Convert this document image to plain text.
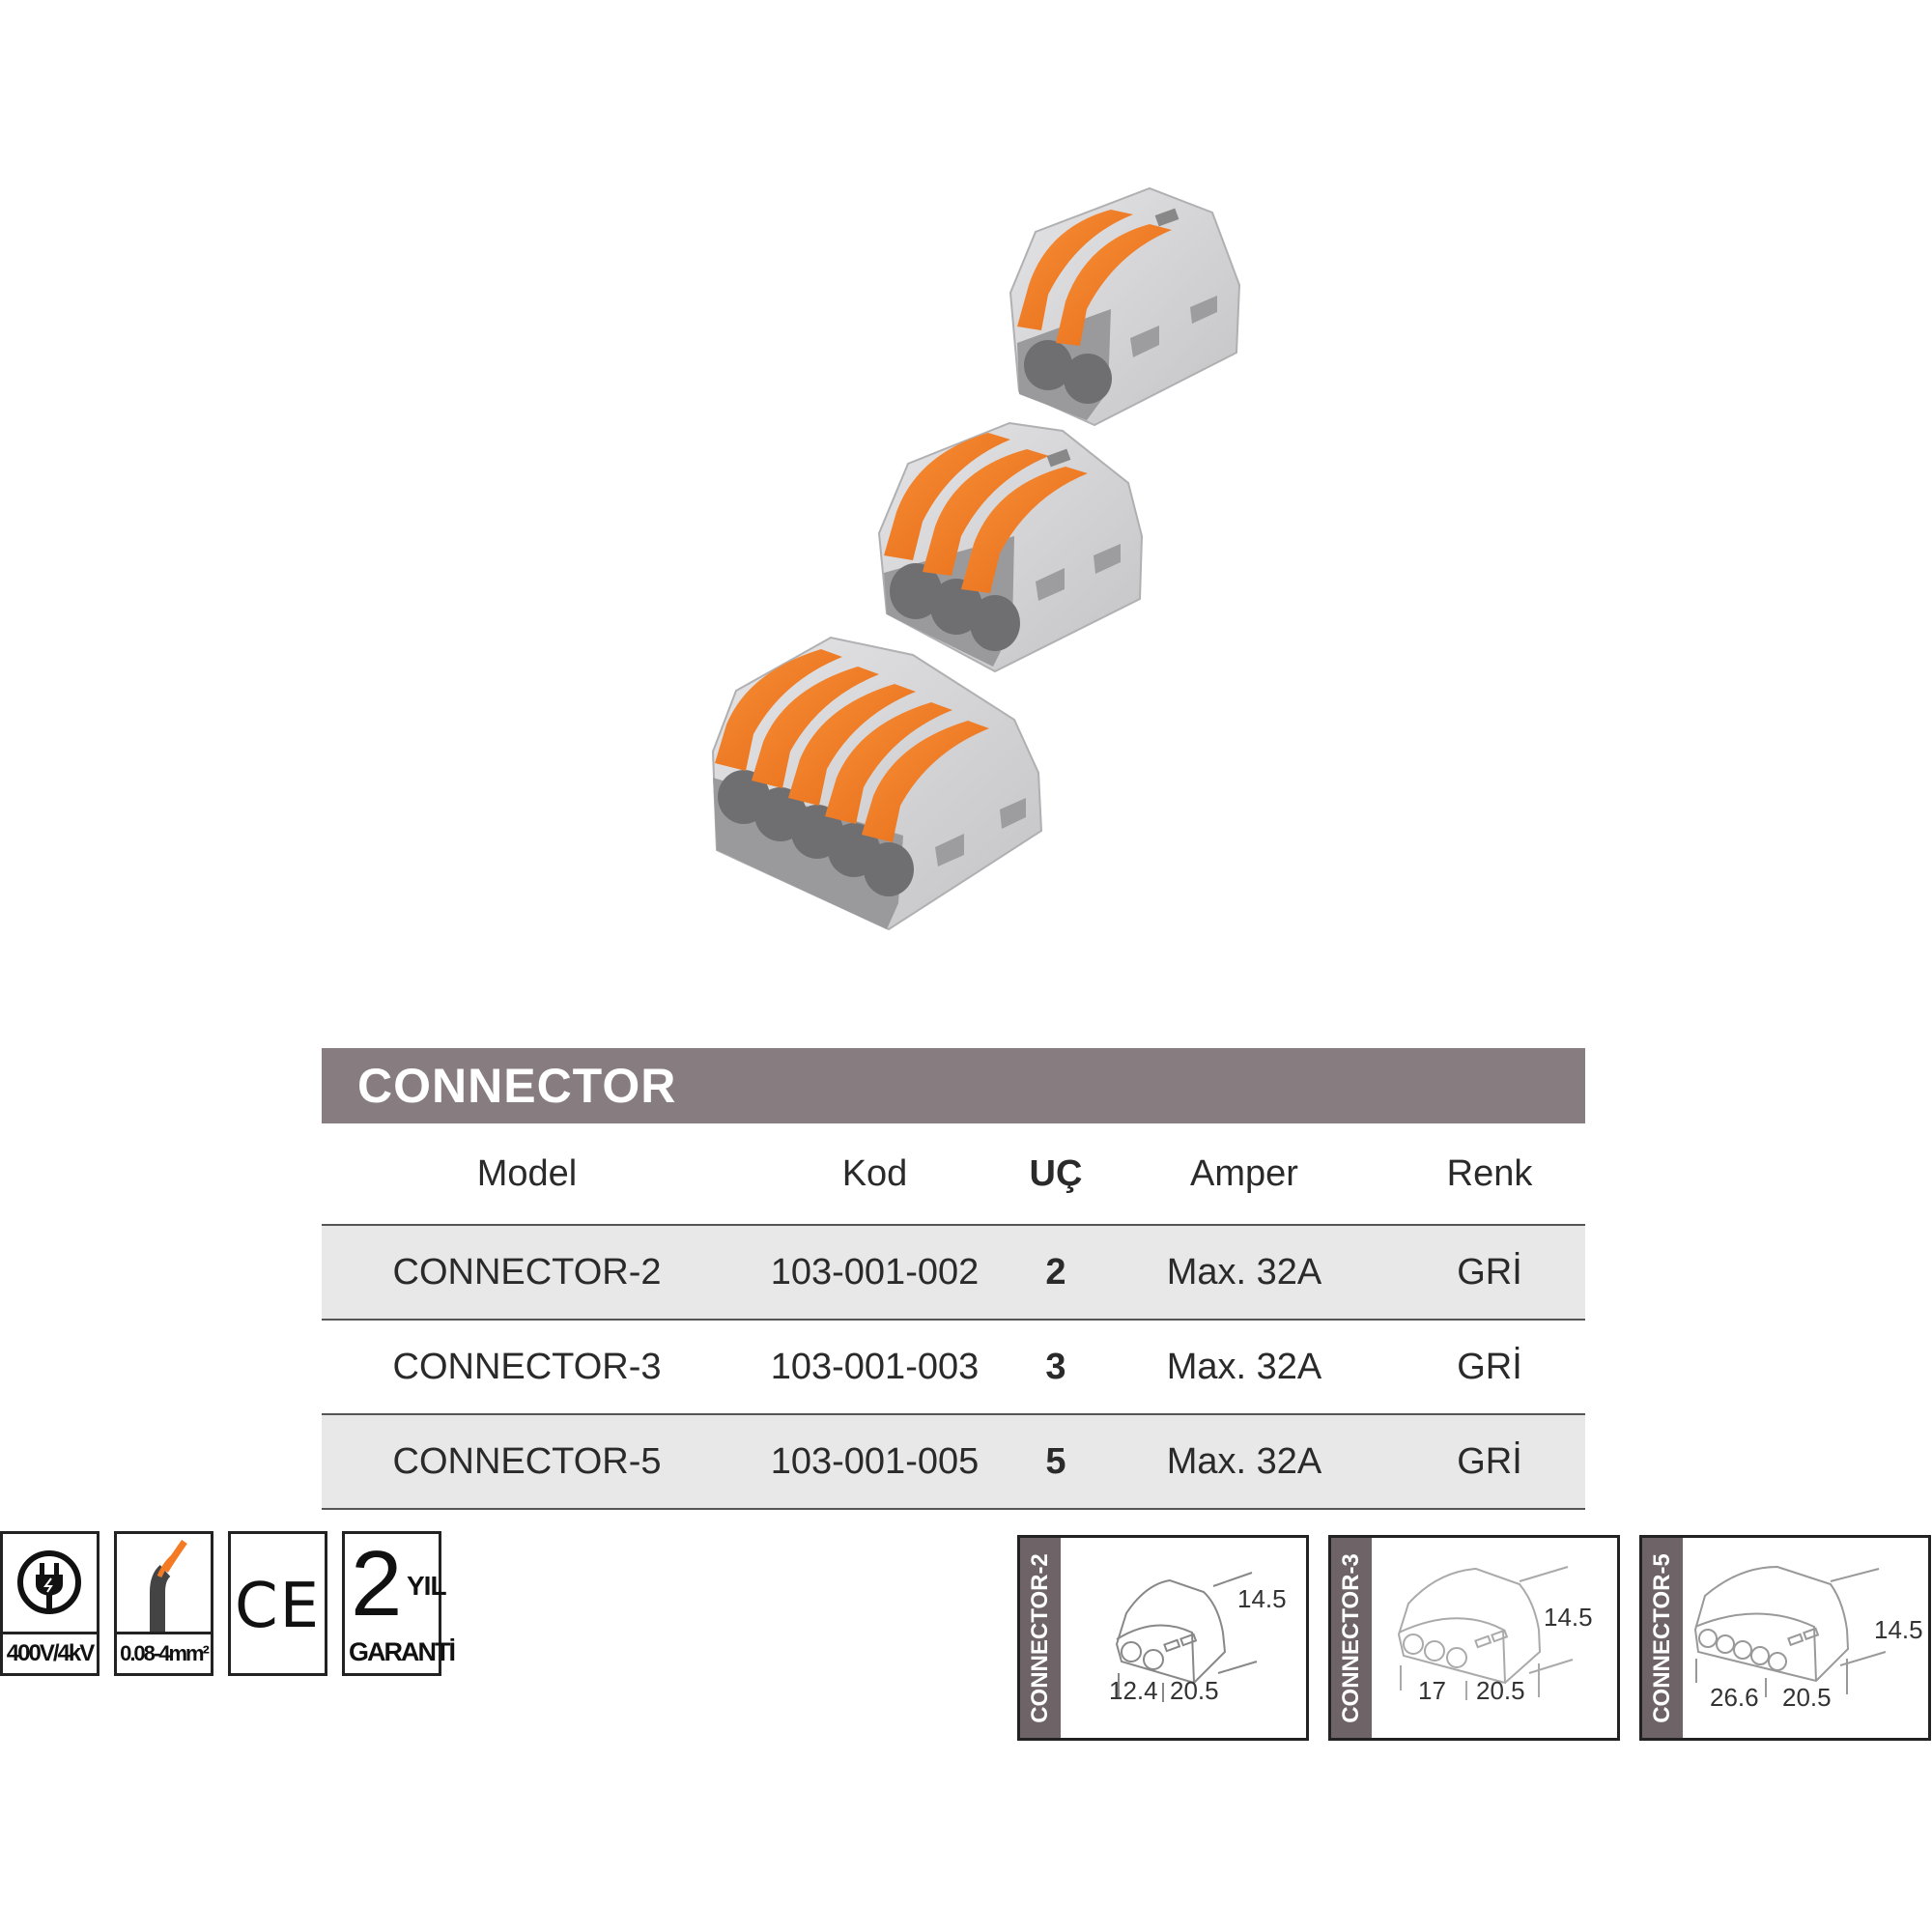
CONNECTOR
Model	Kod	UÇ	Amper	Renk
CONNECTOR-2	103-001-002	2	Max. 32A	GRİ
CONNECTOR-3	103-001-003	3	Max. 32A	GRİ
CONNECTOR-5	103-001-005	5	Max. 32A	GRİ
400V/4kV 0.08-4mm²
CE 2 YIL
GARANTİ	CONNECTOR-2 12.4 20.5
14.5 CONNECTOR-3 17 20.5
14.5 CONNECTOR-5 26.6 20.5
14.5
